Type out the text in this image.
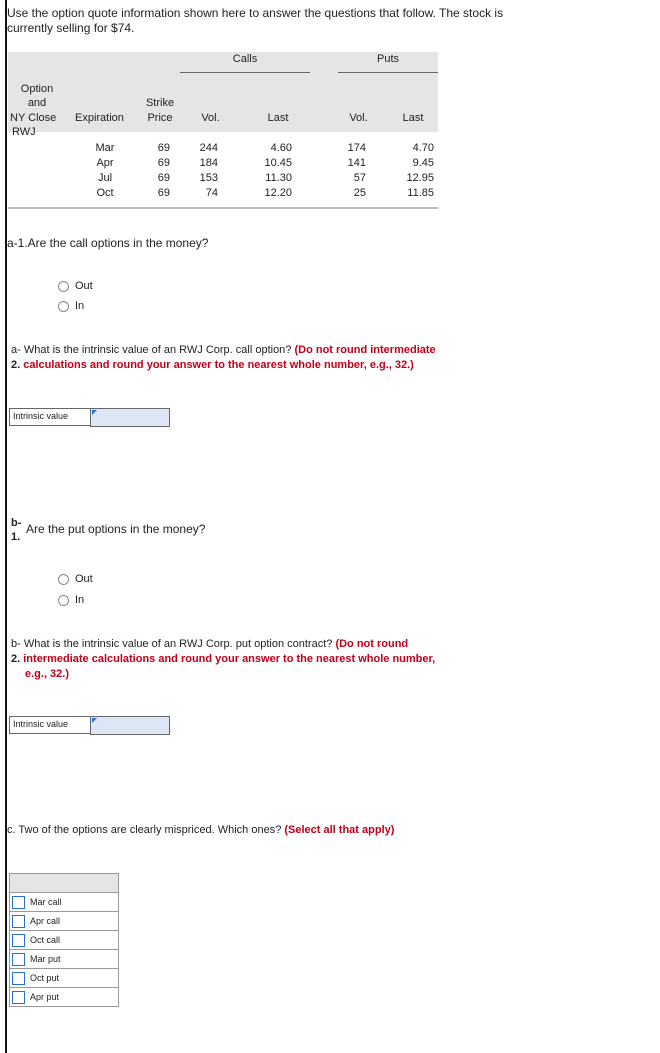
Use the option quote information shown here to answer the questions that follow. The stock is currently selling for $74.
Calls	Puts
Option
and
NY Close Expiration
Strike
Price	Vol.	Last	Vol.	Last
RWJ
Mar	69	244	4.60	174	4.70
Apr	69	184	10.45	141	9.45
Jul	69	153	11.30	57	12.95
Oct	69	74	12.20	25	11.85
a-1.Are the call options in the money?
Out
In
a- What is the intrinsic value of an RWJ Corp. call option? (Do not round intermediate
2. calculations and round your answer to the nearest whole number, e.g., 32.)
Intrinsic value
b-
1.
Are the put options in the money?
Out
In
b- What is the intrinsic value of an RWJ Corp. put option contract? (Do not round
2. intermediate calculations and round your answer to the nearest whole number,
e.g., 32.)
Intrinsic value
c. Two of the options are clearly mispriced. Which ones? (Select all that apply)
Mar call
Apr call
Oct call
Mar put
Oct put
Apr put
